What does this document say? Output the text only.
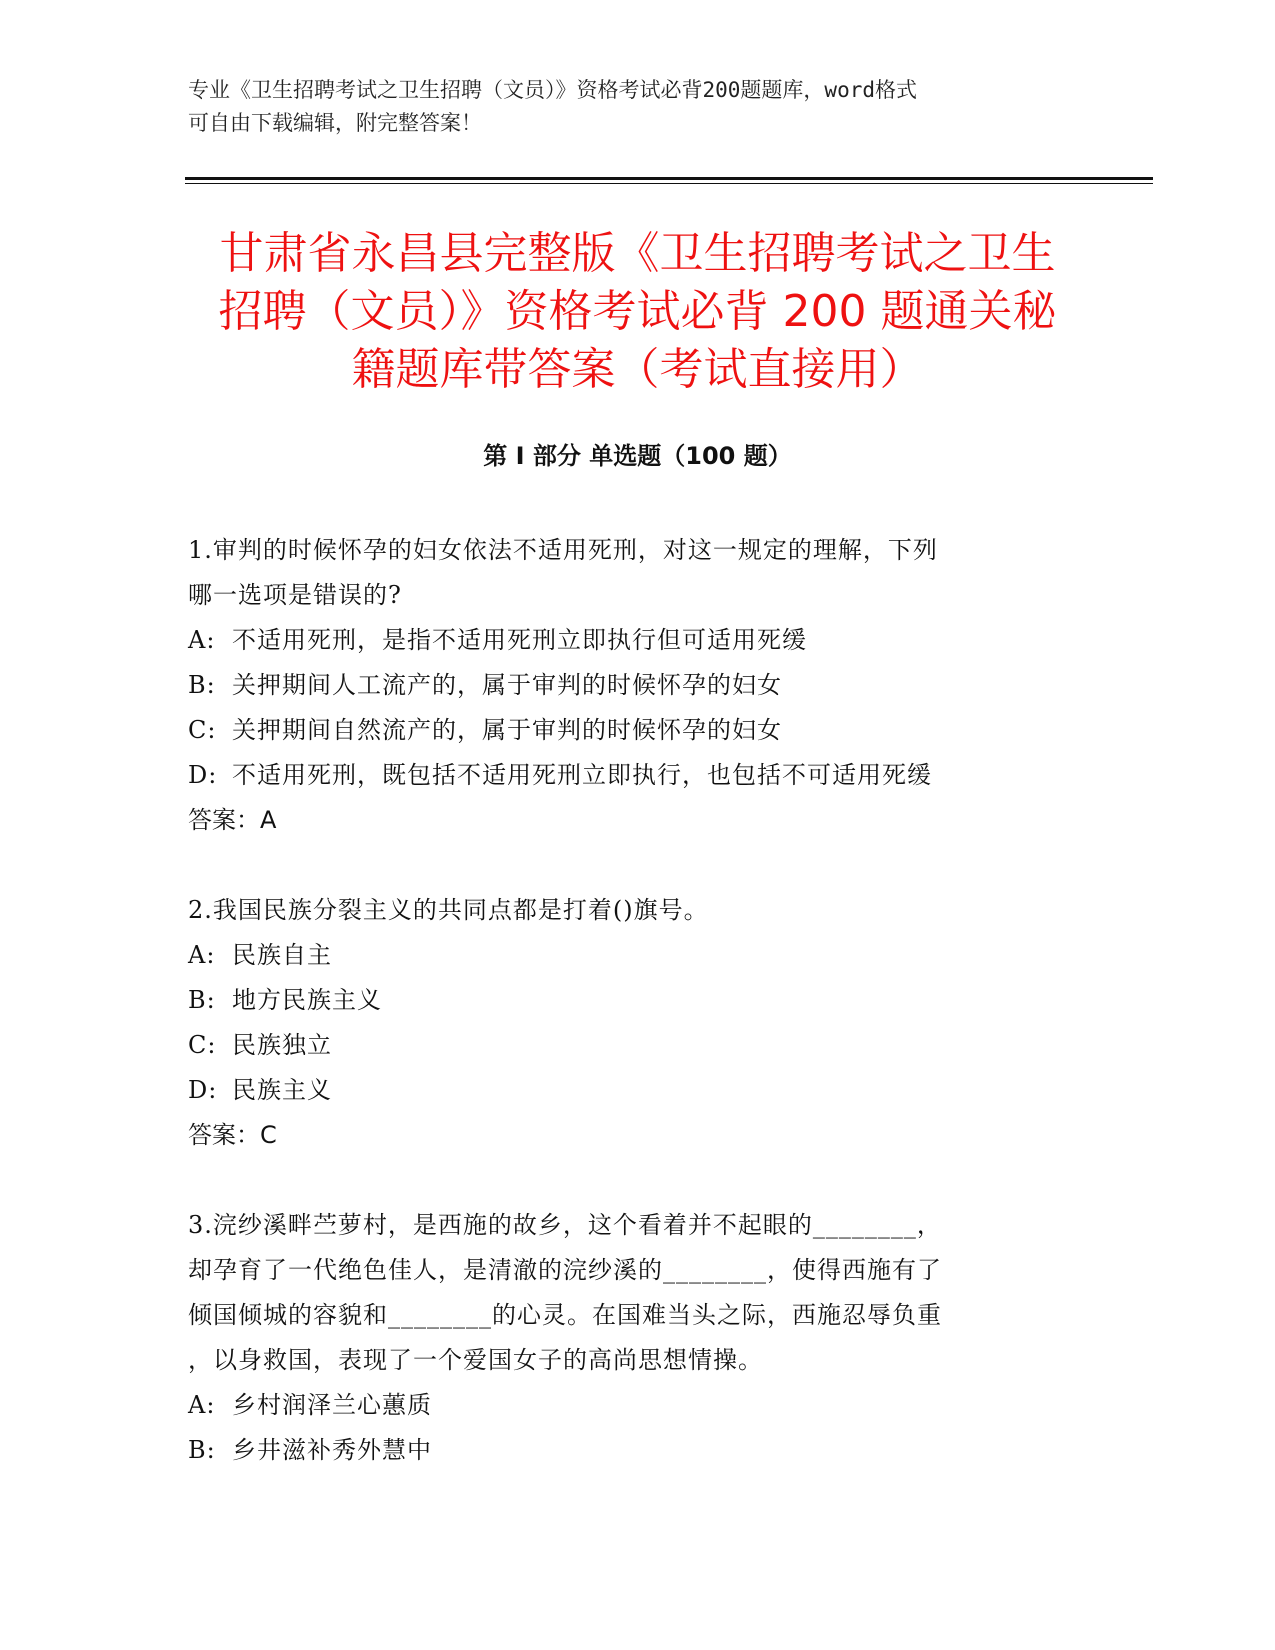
专业《卫生招聘考试之卫生招聘（文员）》资格考试必背200题题库，word格式
可自由下载编辑，附完整答案！
甘肃省永昌县完整版《卫生招聘考试之卫生
招聘（文员）》资格考试必背 200 题通关秘
籍题库带答案（考试直接用）
第 I 部分 单选题（100 题）
1.审判的时候怀孕的妇女依法不适用死刑，对这一规定的理解，下列
哪一选项是错误的?
A: 不适用死刑，是指不适用死刑立即执行但可适用死缓
B: 关押期间人工流产的，属于审判的时候怀孕的妇女
C: 关押期间自然流产的，属于审判的时候怀孕的妇女
D: 不适用死刑，既包括不适用死刑立即执行，也包括不可适用死缓
答案：A
2.我国民族分裂主义的共同点都是打着()旗号。
A: 民族自主
B: 地方民族主义
C: 民族独立
D: 民族主义
答案：C
3.浣纱溪畔苎萝村，是西施的故乡，这个看着并不起眼的________，
却孕育了一代绝色佳人，是清澈的浣纱溪的________，使得西施有了
倾国倾城的容貌和________的心灵。在国难当头之际，西施忍辱负重
，以身救国，表现了一个爱国女子的高尚思想情操。
A: 乡村润泽兰心蕙质
B: 乡井滋补秀外慧中
